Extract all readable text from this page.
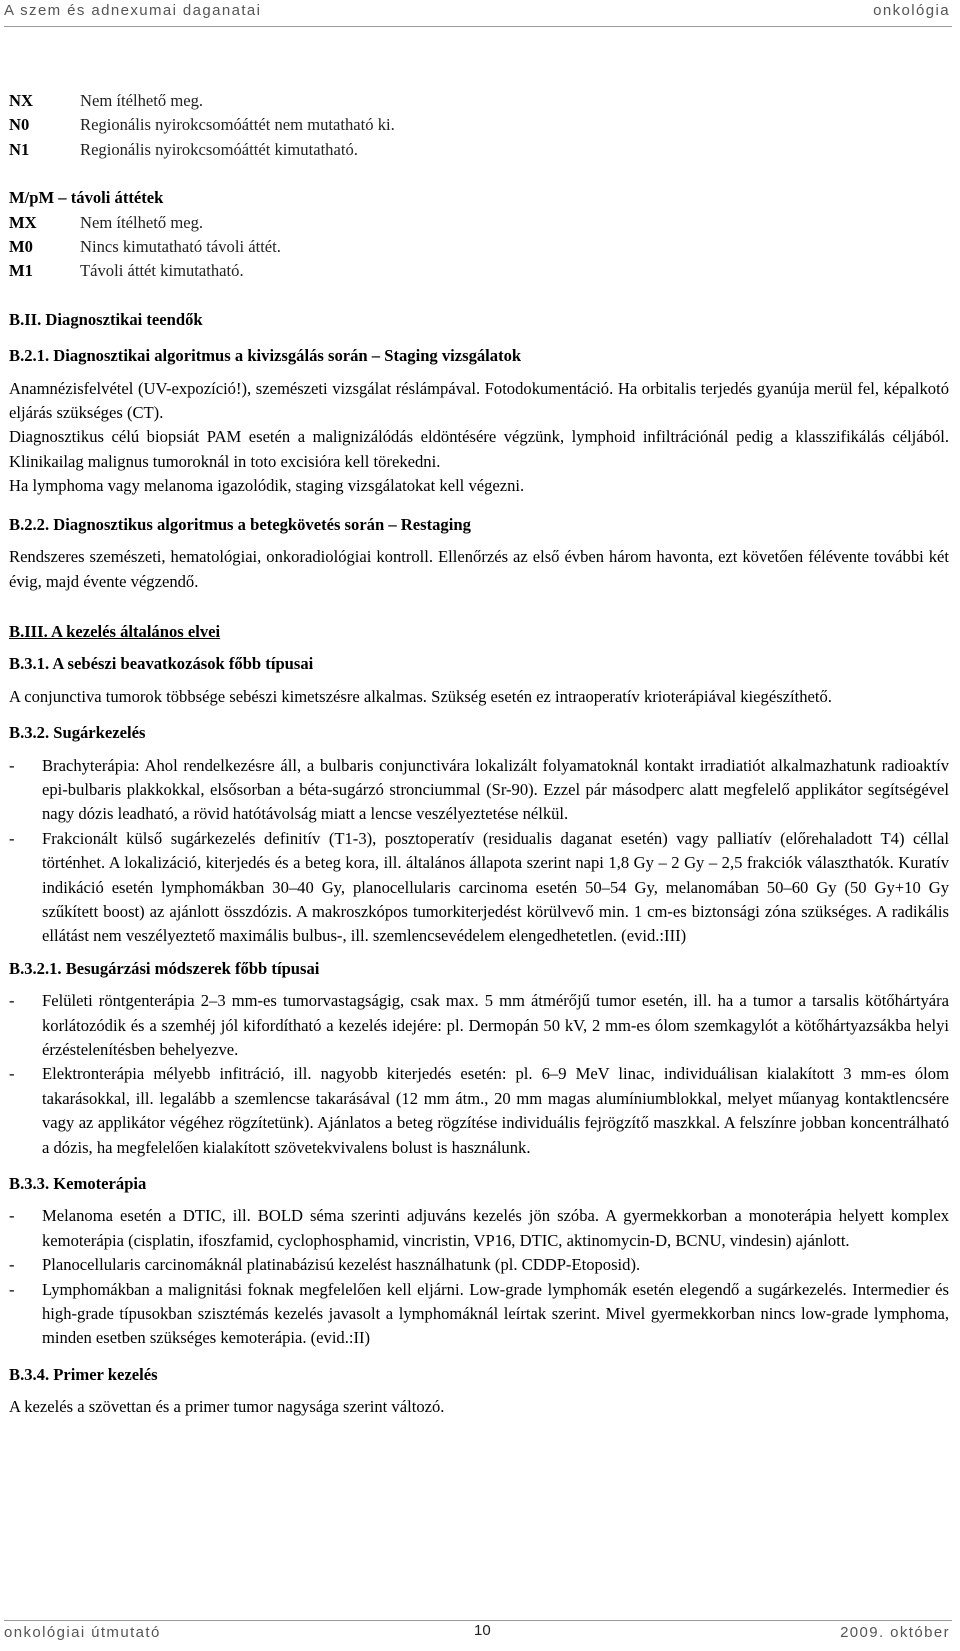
A szem és adnexumai daganatai	onkológia
NX	Nem ítélhető meg.
N0	Regionális nyirokcsomóáttét nem mutatható ki.
N1	Regionális nyirokcsomóáttét kimutatható.

M/pM – távoli áttétek

MX	Nem ítélhető meg.
M0	Nincs kimutatható távoli áttét.
M1	Távoli áttét kimutatható.

B.II. Diagnosztikai teendők

B.2.1. Diagnosztikai algoritmus a kivizsgálás során – Staging vizsgálatok

Anamnézisfelvétel (UV-expozíció!), szemészeti vizsgálat réslámpával. Fotodokumentáció. Ha orbitalis terjedés gyanúja merül fel, képalkotó eljárás szükséges (CT).

Diagnosztikus célú biopsiát PAM esetén a malignizálódás eldöntésére végzünk, lymphoid infiltrációnál pedig a klasszifikálás céljából. Klinikailag malignus tumoroknál in toto excisióra kell törekedni.

Ha lymphoma vagy melanoma igazolódik, staging vizsgálatokat kell végezni.

B.2.2. Diagnosztikus algoritmus a betegkövetés során – Restaging

Rendszeres szemészeti, hematológiai, onkoradiológiai kontroll. Ellenőrzés az első évben három havonta, ezt követően félévente további két évig, majd évente végzendő.

B.III. A kezelés általános elvei

B.3.1. A sebészi beavatkozások főbb típusai

A conjunctiva tumorok többsége sebészi kimetszésre alkalmas. Szükség esetén ez intraoperatív krioterápiával kiegészíthető.

B.3.2. Sugárkezelés

-	Brachyterápia: Ahol rendelkezésre áll, a bulbaris conjunctivára lokalizált folyamatoknál kontakt irradiatiót alkalmazhatunk radioaktív epi-bulbaris plakkokkal, elsősorban a béta-sugárzó stronciummal (Sr-90). Ezzel pár másodperc alatt megfelelő applikátor segítségével nagy dózis leadható, a rövid hatótávolság miatt a lencse veszélyeztetése nélkül.
-	Frakcionált külső sugárkezelés definitív (T1-3), posztoperatív (residualis daganat esetén) vagy palliatív (előrehaladott T4) céllal történhet. A lokalizáció, kiterjedés és a beteg kora, ill. általános állapota szerint napi 1,8 Gy – 2 Gy – 2,5 frakciók választhatók. Kuratív indikáció esetén lymphomákban 30–40 Gy, planocellularis carcinoma esetén 50–54 Gy, melanomában 50–60 Gy (50 Gy+10 Gy szűkített boost) az ajánlott összdózis. A makroszkópos tumorkiterjedést körülvevő min. 1 cm-es biztonsági zóna szükséges. A radikális ellátást nem veszélyeztető maximális bulbus-, ill. szemlencsevédelem elengedhetetlen. (evid.:III)

B.3.2.1. Besugárzási módszerek főbb típusai

-	Felületi röntgenterápia 2–3 mm-es tumorvastagságig, csak max. 5 mm átmérőjű tumor esetén, ill. ha a tumor a tarsalis kötőhártyára korlátozódik és a szemhéj jól kifordítható a kezelés idejére: pl. Dermopán 50 kV, 2 mm-es ólom szemkagylót a kötőhártyazsákba helyi érzéstelenítésben behelyezve.
-	Elektronterápia mélyebb infitráció, ill. nagyobb kiterjedés esetén: pl. 6–9 MeV linac, individuálisan kialakított 3 mm-es ólom takarásokkal, ill. legalább a szemlencse takarásával (12 mm átm., 20 mm magas alumíniumblokkal, melyet műanyag kontaktlencsére vagy az applikátor végéhez rögzítetünk). Ajánlatos a beteg rögzítése individuális fejrögzítő maszkkal. A felszínre jobban koncentrálható a dózis, ha megfelelően kialakított szövetekvivalens bolust is használunk.

B.3.3. Kemoterápia

-	Melanoma esetén a DTIC, ill. BOLD séma szerinti adjuváns kezelés jön szóba. A gyermekkorban a monoterápia helyett komplex kemoterápia (cisplatin, ifoszfamid, cyclophosphamid, vincristin, VP16, DTIC, aktinomycin-D, BCNU, vindesin) ajánlott.
-	Planocellularis carcinomáknál platinabázisú kezelést használhatunk (pl. CDDP-Etoposid).
-	Lymphomákban a malignitási foknak megfelelően kell eljárni. Low-grade lymphomák esetén elegendő a sugárkezelés. Intermedier és high-grade típusokban szisztémás kezelés javasolt a lymphomáknál leírtak szerint. Mivel gyermekkorban nincs low-grade lymphoma, minden esetben szükséges kemoterápia. (evid.:II)

B.3.4. Primer kezelés

A kezelés a szövettan és a primer tumor nagysága szerint változó.

onkológiai útmutató	10	2009. október
